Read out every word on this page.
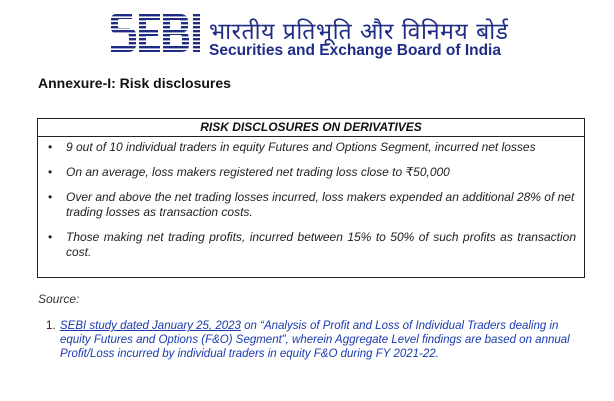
भारतीय प्रतिभूति और विनिमय बोर्ड
Securities and Exchange Board of India
Annexure-I: Risk disclosures
RISK DISCLOSURES ON DERIVATIVES
• 9 out of 10 individual traders in equity Futures and Options Segment, incurred net losses
• On an average, loss makers registered net trading loss close to ₹50,000
• Over and above the net trading losses incurred, loss makers expended an additional 28% of net trading losses as transaction costs.
• Those making net trading profits, incurred between 15% to 50% of such profits as transaction cost.
Source:
1. SEBI study dated January 25, 2023 on “Analysis of Profit and Loss of Individual Traders dealing in equity Futures and Options (F&O) Segment”, wherein Aggregate Level findings are based on annual Profit/Loss incurred by individual traders in equity F&O during FY 2021-22.
